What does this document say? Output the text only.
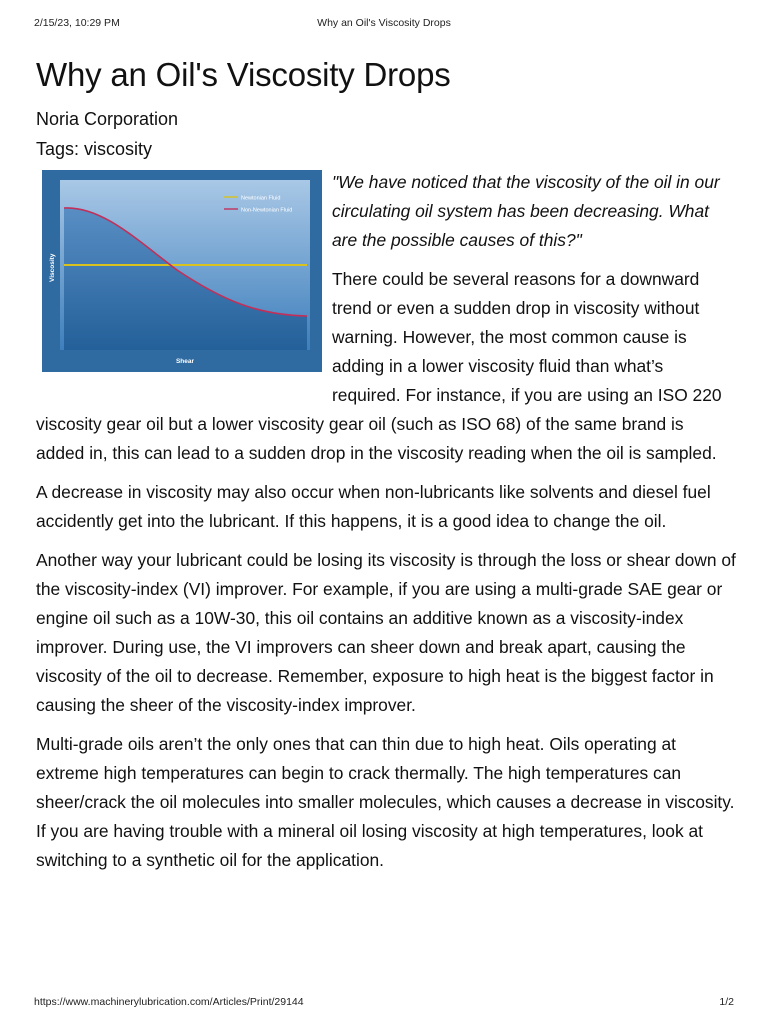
2/15/23, 10:29 PM	Why an Oil's Viscosity Drops
Why an Oil's Viscosity Drops
Noria Corporation
Tags: viscosity
Newtonian Fluid
Non-Newtonian Fluid
Viscosity
Shear

"We have noticed that the viscosity of the oil in our circulating oil system has been decreasing. What are the possible causes of this?"

There could be several reasons for a downward trend or even a sudden drop in viscosity without warning. However, the most common cause is adding in a lower viscosity fluid than what’s required. For instance, if you are using an ISO 220 viscosity gear oil but a lower viscosity gear oil (such as ISO 68) of the same brand is added in, this can lead to a sudden drop in the viscosity reading when the oil is sampled.

A decrease in viscosity may also occur when non-lubricants like solvents and diesel fuel accidently get into the lubricant. If this happens, it is a good idea to change the oil.

Another way your lubricant could be losing its viscosity is through the loss or shear down of the viscosity-index (VI) improver. For example, if you are using a multi-grade SAE gear or engine oil such as a 10W-30, this oil contains an additive known as a viscosity-index improver. During use, the VI improvers can sheer down and break apart, causing the viscosity of the oil to decrease. Remember, exposure to high heat is the biggest factor in causing the sheer of the viscosity-index improver.

Multi-grade oils aren’t the only ones that can thin due to high heat. Oils operating at extreme high temperatures can begin to crack thermally. The high temperatures can sheer/crack the oil molecules into smaller molecules, which causes a decrease in viscosity. If you are having trouble with a mineral oil losing viscosity at high temperatures, look at switching to a synthetic oil for the application.

https://www.machinerylubrication.com/Articles/Print/29144	1/2
